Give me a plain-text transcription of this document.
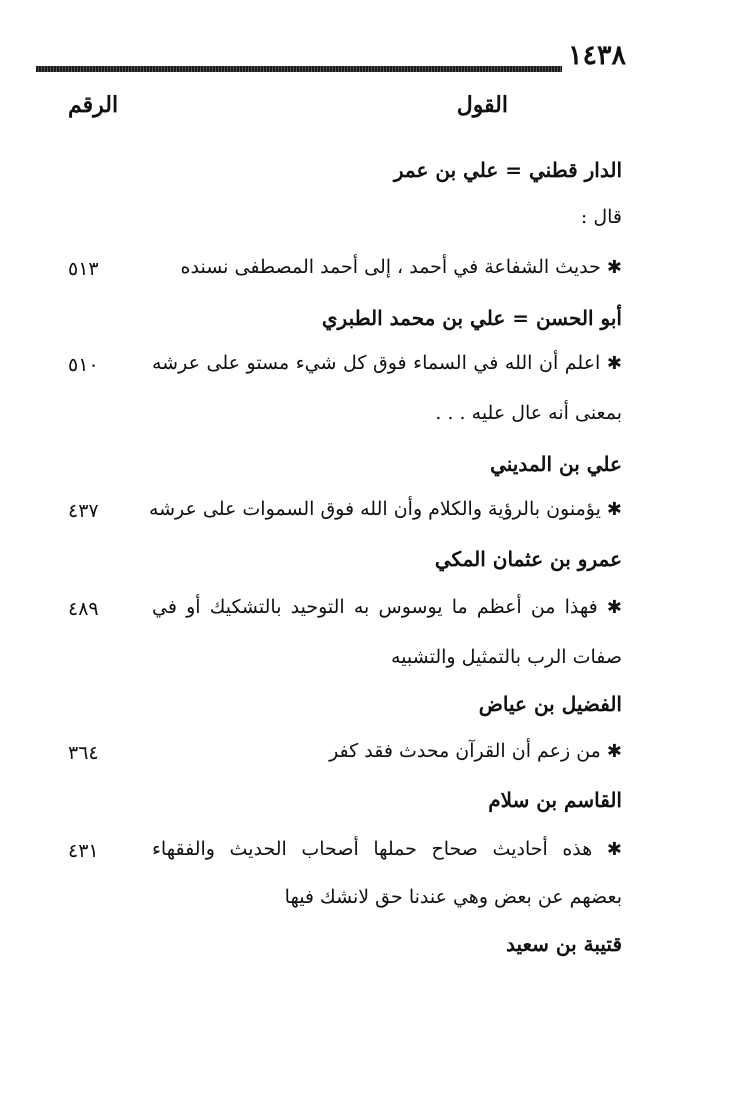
١٤٣٨
القول
الرقم
الدار قطني = علي بن عمر
قال :
✱ حديث الشفاعة في أحمد ، إلى أحمد المصطفى نسنده
٥١٣
أبو الحسن = علي بن محمد الطبري
✱ اعلم أن الله في السماء فوق كل شيء مستو على عرشه
٥١٠
بمعنى أنه عال عليه . . .
علي بن المديني
✱ يؤمنون بالرؤية والكلام وأن الله فوق السموات على عرشه
٤٣٧
عمرو بن عثمان المكي
✱ فهذا من أعظم ما يوسوس به التوحيد بالتشكيك أو في
٤٨٩
صفات الرب بالتمثيل والتشبيه
الفضيل بن عياض
✱ من زعم أن القرآن محدث فقد كفر
٣٦٤
القاسم بن سلام
✱ هذه أحاديث صحاح حملها أصحاب الحديث والفقهاء
٤٣١
بعضهم عن بعض وهي عندنا حق لانشك فيها
قتيبة بن سعيد
